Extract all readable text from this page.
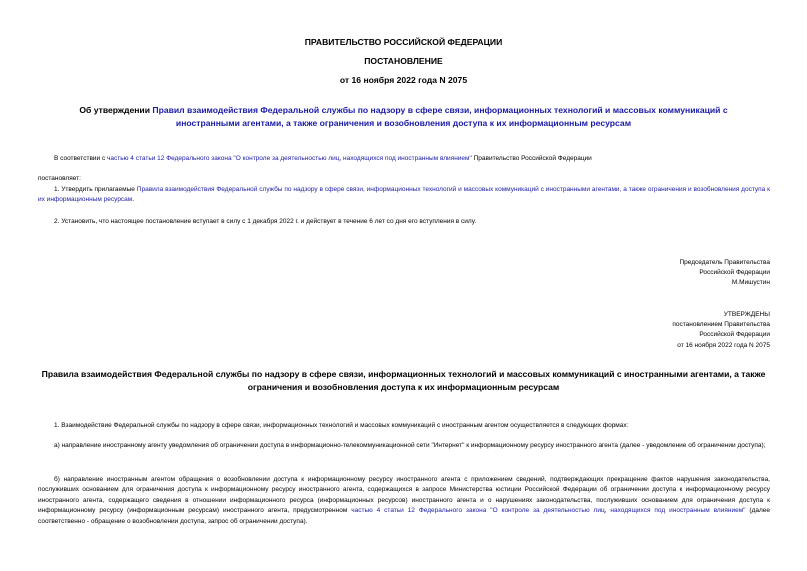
ПРАВИТЕЛЬСТВО РОССИЙСКОЙ ФЕДЕРАЦИИ
ПОСТАНОВЛЕНИЕ
от 16 ноября 2022 года N 2075
Об утверждении Правил взаимодействия Федеральной службы по надзору в сфере связи, информационных технологий и массовых коммуникаций с иностранными агентами, а также ограничения и возобновления доступа к их информационным ресурсам
В соответствии с частью 4 статьи 12 Федерального закона "О контроле за деятельностью лиц, находящихся под иностранным влиянием" Правительство Российской Федерации
постановляет:
1. Утвердить прилагаемые Правила взаимодействия Федеральной службы по надзору в сфере связи, информационных технологий и массовых коммуникаций с иностранными агентами, а также ограничения и возобновления доступа к их информационным ресурсам.
2. Установить, что настоящее постановление вступает в силу с 1 декабря 2022 г. и действует в течение 6 лет со дня его вступления в силу.
Председатель Правительства
Российской Федерации
М.Мишустин
УТВЕРЖДЕНЫ
постановлением Правительства
Российской Федерации
от 16 ноября 2022 года N 2075
Правила взаимодействия Федеральной службы по надзору в сфере связи, информационных технологий и массовых коммуникаций с иностранными агентами, а также ограничения и возобновления доступа к их информационным ресурсам
1. Взаимодействие Федеральной службы по надзору в сфере связи, информационных технологий и массовых коммуникаций с иностранным агентом осуществляется в следующих формах:
а) направление иностранному агенту уведомления об ограничении доступа в информационно-телекоммуникационной сети "Интернет" к информационному ресурсу иностранного агента (далее - уведомление об ограничении доступа);
б) направление иностранным агентом обращения о возобновлении доступа к информационному ресурсу иностранного агента с приложением сведений, подтверждающих прекращение фактов нарушения законодательства, послуживших основанием для ограничения доступа к информационному ресурсу иностранного агента, содержащихся в запросе Министерства юстиции Российской Федерации об ограничении доступа к информационному ресурсу иностранного агента, содержащего сведения в отношении информационного ресурса (информационных ресурсов) иностранного агента и о нарушениях законодательства, послуживших основанием для ограничения доступа к информационному ресурсу (информационным ресурсам) иностранного агента, предусмотренном частью 4 статьи 12 Федерального закона "О контроле за деятельностью лиц, находящихся под иностранным влиянием" (далее соответственно - обращение о возобновлении доступа, запрос об ограничении доступа).
